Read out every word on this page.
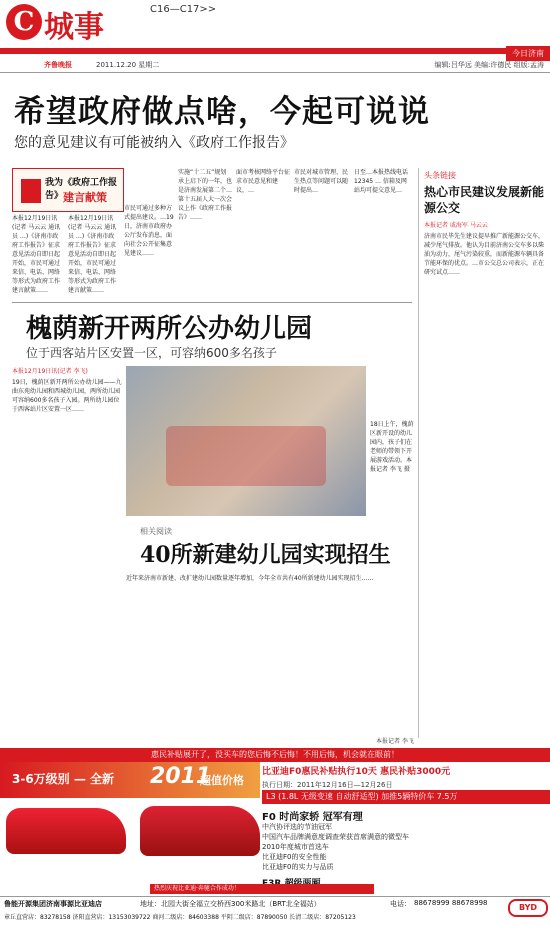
C 城事
C16—C17>>
今日济南
齐鲁晚报	2011.12.20 星期二	编辑:吕华远 美编:许德民 组版:孟涛
希望政府做点啥，今起可说说
您的意见建议有可能被纳入《政府工作报告》
我为《政府工作报告》 建言献策
本报12月19日讯(记者 马云云 通讯员 …)《济南市政府工作报告》征求意见活动自即日起开始，市民可通过来信、电话、网络等形式为政府工作建言献策……
本报12月19日讯(记者 马云云 通讯员 …)《济南市政府工作报告》征求意见活动自即日起开始，市民可通过来信、电话、网络等形式为政府工作建言献策……
市民可通过多种方式提出建议。…19日，济南市政府办公厅发布消息，面向社会公开征集意见建议……
实施“十二五”规划承上启下的一年，也是济南发展第二个…第十五届人大一次会议上作《政府工作报告》……
面市考核网络平台征求市民意见和建议，…
市民对城市管理、民生热点等问题可以随时提出…
日至…本报热线电话 12345 … 信箱及网站均可提交意见…
头条链接
热心市民建议发展新能源公交
本报记者 戚海军 马云云
济南市民毕先生建议提早推广新能源公交车，减少尾气排放。他认为目前济南公交车多以柴油为动力，尾气污染较重，而新能源车辆具备节能环保的优点。…市公交总公司表示，正在研究试点……
槐荫新开两所公办幼儿园
位于西客站片区安置一区，可容纳600多名孩子
本报12月19日讯(记者 李飞)
19日，槐荫区新开两所公办幼儿园——九曲东苑幼儿园和西城幼儿园，两所幼儿园可容纳600多名孩子入园。两所幼儿园位于西客站片区安置一区……
18日上午，槐荫区新开设的幼儿园内，孩子们在老师的带领下开展游戏活动。本报记者 李飞 摄
相关阅读
40所新建幼儿园实现招生
近年来济南市新建、改扩建幼儿园数量逐年增加，今年全市共有40所新建幼儿园实现招生……
本报记者 李飞
惠民补贴展开了，没买车的您后悔不后悔！不用后悔，机会就在眼前！
3-6万级别 — 全新 2011
超值价格
比亚迪F0惠民补贴执行10天 惠民补贴3000元
执行日期：2011年12月16日—12月26日
L3 (1.8L 无级变速 自动舒适型) 加推5辆特价车 7.5万
F0 时尚家轿 冠军有理
中汽协评选的节油冠军
中国汽车品牌满意度调查荣获首席满意的微型车
2010年度城市首选车
比亚迪F0的安全性能
比亚迪F0的实力与品质
热烈庆祝比亚迪·奔驰合作成功！
鲁能开源集团济南事源比亚迪店	地址：北园大街全福立交桥西300米路北（BRT北全福站）	电话： 88678999 88678998
章丘直营店：83278158 济阳直营店：13153039722 商河二级店：84603388 平阴二级店：87890050 长清二级店：87205123
BYD
